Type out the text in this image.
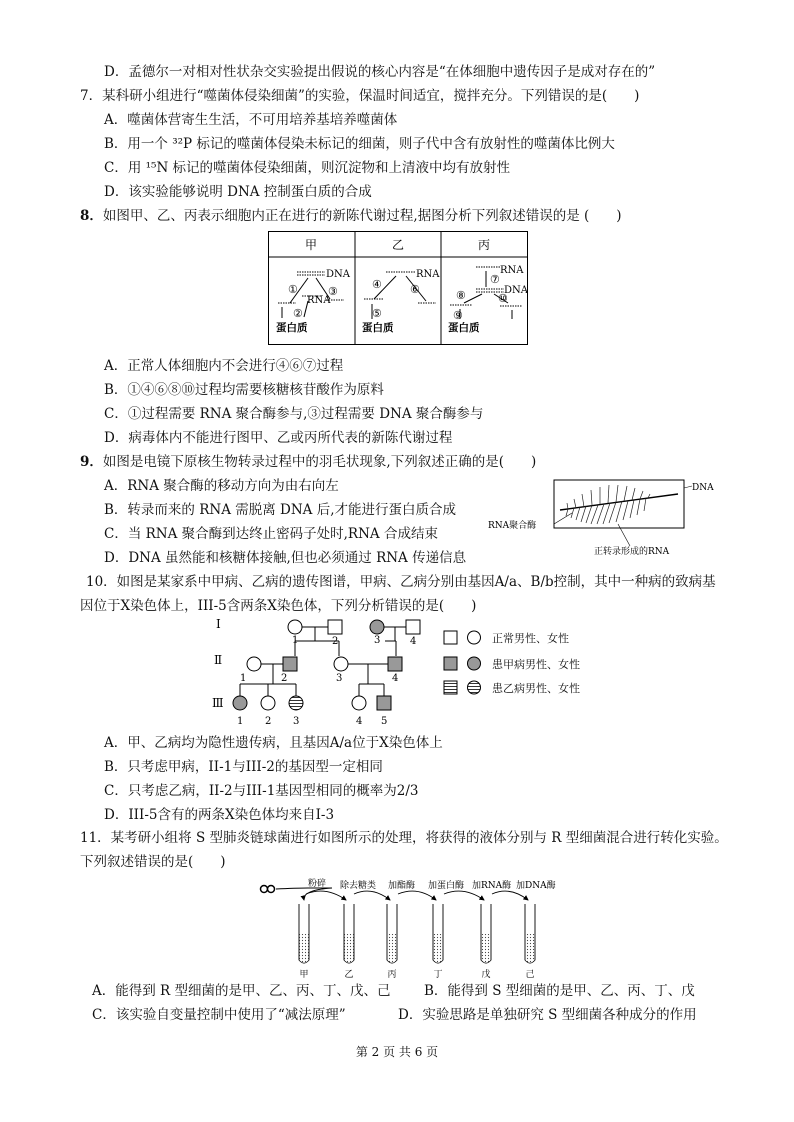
D．孟德尔一对相对性状杂交实验提出假说的核心内容是“在体细胞中遗传因子是成对存在的”
7．某科研小组进行“噬菌体侵染细菌”的实验，保温时间适宜，搅拌充分。下列错误的是(　　)
A．噬菌体营寄生生活，不可用培养基培养噬菌体
B．用一个 ³²P 标记的噬菌体侵染未标记的细菌，则子代中含有放射性的噬菌体比例大
C．用 ¹⁵N 标记的噬菌体侵染细菌，则沉淀物和上清液中均有放射性
D．该实验能够说明 DNA 控制蛋白质的合成
8．如图甲、乙、丙表示细胞内正在进行的新陈代谢过程,据图分析下列叙述错误的是 (　　)
甲	乙	丙
DNA
①
RNA
③
②
蛋白质
RNA
④	⑥
⑤
蛋白质
RNA
⑦
DNA
⑧	⑩
⑨
蛋白质
A．正常人体细胞内不会进行④⑥⑦过程
B．①④⑥⑧⑩过程均需要核糖核苷酸作为原料
C．①过程需要 RNA 聚合酶参与,③过程需要 DNA 聚合酶参与
D．病毒体内不能进行图甲、乙或丙所代表的新陈代谢过程
9．如图是电镜下原核生物转录过程中的羽毛状现象,下列叙述正确的是(　　)
A．RNA 聚合酶的移动方向为由右向左
B．转录而来的 RNA 需脱离 DNA 后,才能进行蛋白质合成
C．当 RNA 聚合酶到达终止密码子处时,RNA 合成结束
D．DNA 虽然能和核糖体接触,但也必须通过 RNA 传递信息
DNA
RNA聚合酶
正转录形成的RNA
10．如图是某家系中甲病、乙病的遗传图谱，甲病、乙病分别由基因A/a、B/b控制，其中一种病的致病基
因位于X染色体上，III-5含两条X染色体，下列分析错误的是(　　)
I
Ⅱ
Ⅲ
1	2	3	4
1	2	3	4
1 2 3	4 5
正常男性、女性
患甲病男性、女性
患乙病男性、女性
A．甲、乙病均为隐性遗传病，且基因A/a位于X染色体上
B．只考虑甲病，II-1与III-2的基因型一定相同
C．只考虑乙病，II-2与III-1基因型相同的概率为2/3
D．III-5含有的两条X染色体均来自I-3
11．某考研小组将 S 型肺炎链球菌进行如图所示的处理，将获得的液体分别与 R 型细菌混合进行转化实验。
下列叙述错误的是(　　)
粉碎 除去糖类 加酯酶 加蛋白酶 加RNA酶 加DNA酶
甲	乙	丙	丁	戊	己
A．能得到 R 型细菌的是甲、乙、丙、丁、戊、己 B．能得到 S 型细菌的是甲、乙、丙、丁、戊
C．该实验自变量控制中使用了“减法原理”	D．实验思路是单独研究 S 型细菌各种成分的作用
第 2 页 共 6 页
